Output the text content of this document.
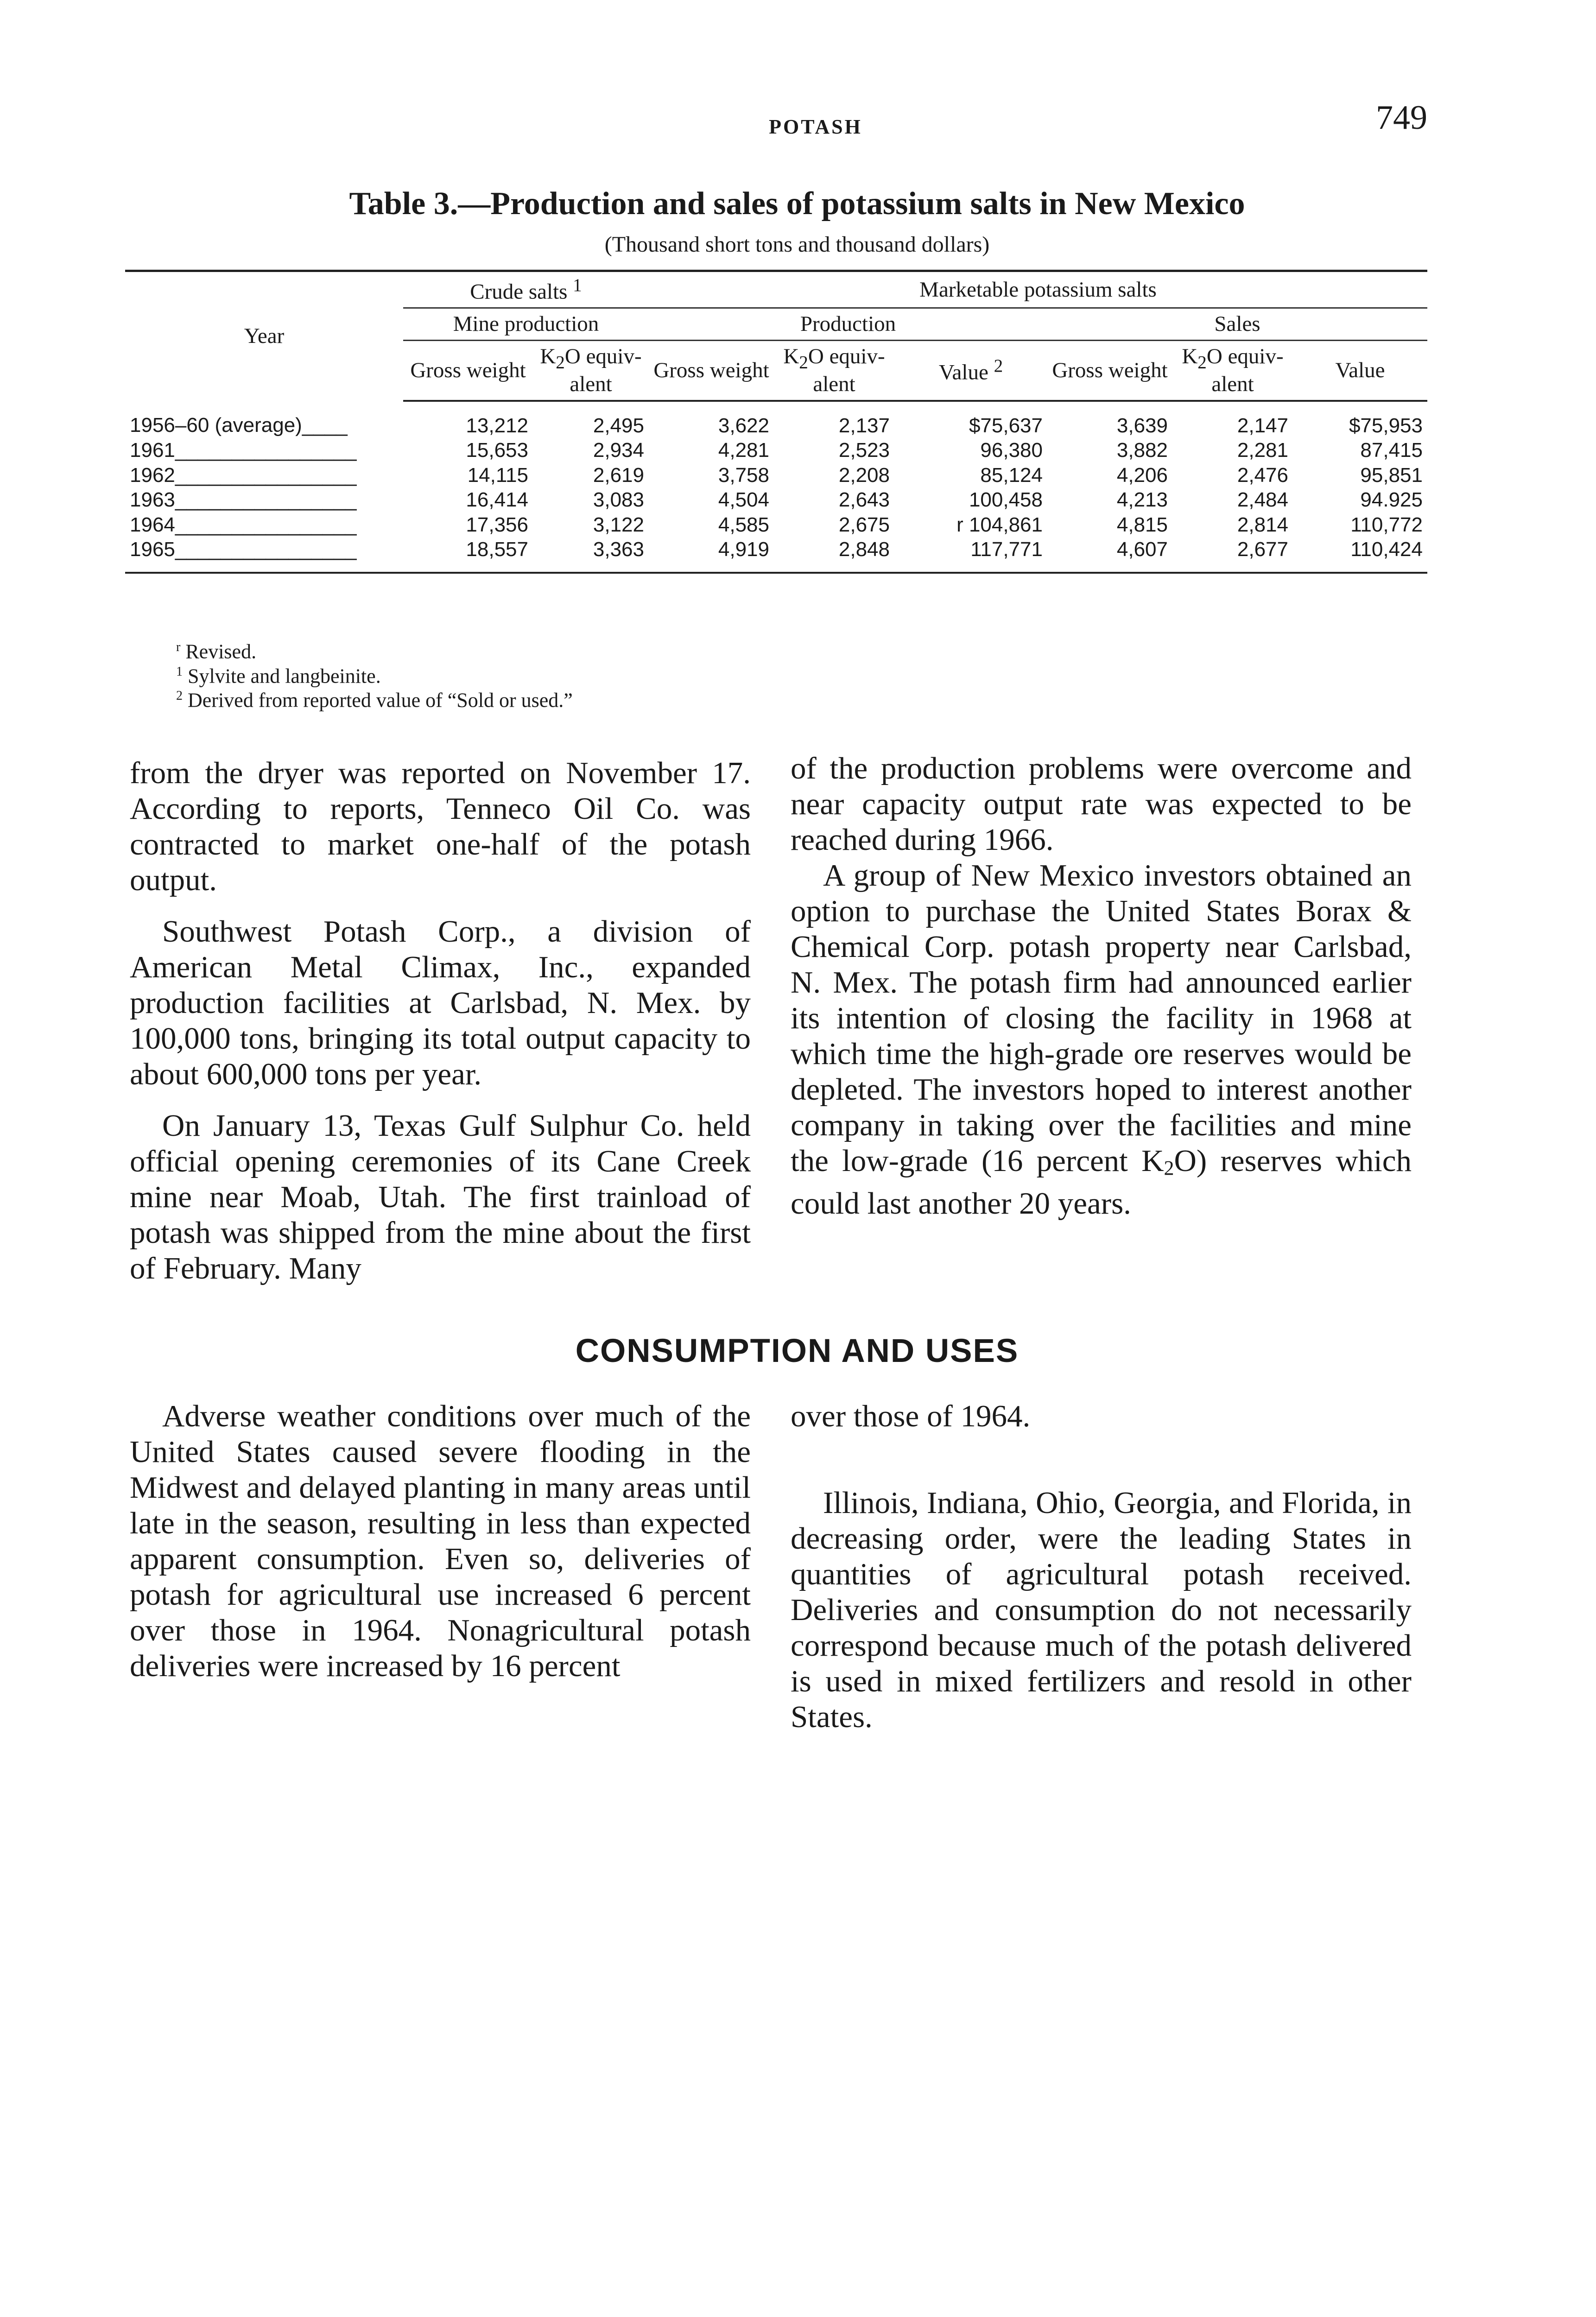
POTASH	749
Table 3.—Production and sales of potassium salts in New Mexico
(Thousand short tons and thousand dollars)
Year	Crude salts $^1$		Marketable potassium salts					
	Mine production		Production			Sales		
	Gross weight	$K_2O$ equivalent	Gross weight	$K_2O$ equivalent	Value $^2$	Gross weight	$K_2O$ equivalent	Value
1956–60 (average)____	13,212	2,495	3,622	2,137	$75,637	3,639	2,147	$75,953
1961________________	15,653	2,934	4,281	2,523	96,380	3,882	2,281	87,415
1962________________	14,115	2,619	3,758	2,208	85,124	4,206	2,476	95,851
1963________________	16,414	3,083	4,504	2,643	100,458	4,213	2,484	94.925
1964________________	17,356	3,122	4,585	2,675	r 104,861	4,815	2,814	110,772
1965________________	18,557	3,363	4,919	2,848	117,771	4,607	2,677	110,424
$^r$ Revised.
$^1$ Sylvite and langbeinite.
$^2$ Derived from reported value of “Sold or used.”

from the dryer was reported on November 17. According to reports, Tenneco Oil Co. was contracted to market one-half of the potash output.

Southwest Potash Corp., a division of American Metal Climax, Inc., expanded production facilities at Carlsbad, N. Mex. by 100,000 tons, bringing its total output capacity to about 600,000 tons per year.

On January 13, Texas Gulf Sulphur Co. held official opening ceremonies of its Cane Creek mine near Moab, Utah. The first trainload of potash was shipped from the mine about the first of February. Many

of the production problems were overcome and near capacity output rate was expected to be reached during 1966.

A group of New Mexico investors obtained an option to purchase the United States Borax & Chemical Corp. potash property near Carlsbad, N. Mex. The potash firm had announced earlier its intention of closing the facility in 1968 at which time the high-grade ore reserves would be depleted. The investors hoped to interest another company in taking over the facilities and mine the low-grade (16 percent K2O) reserves which could last another 20 years.

CONSUMPTION AND USES

Adverse weather conditions over much of the United States caused severe flooding in the Midwest and delayed planting in many areas until late in the season, resulting in less than expected apparent consumption. Even so, deliveries of potash for agricultural use increased 6 percent over those in 1964. Nonagricultural potash deliveries were increased by 16 percent

over those of 1964.

Illinois, Indiana, Ohio, Georgia, and Florida, in decreasing order, were the leading States in quantities of agricultural potash received. Deliveries and consumption do not necessarily correspond because much of the potash delivered is used in mixed fertilizers and resold in other States.
